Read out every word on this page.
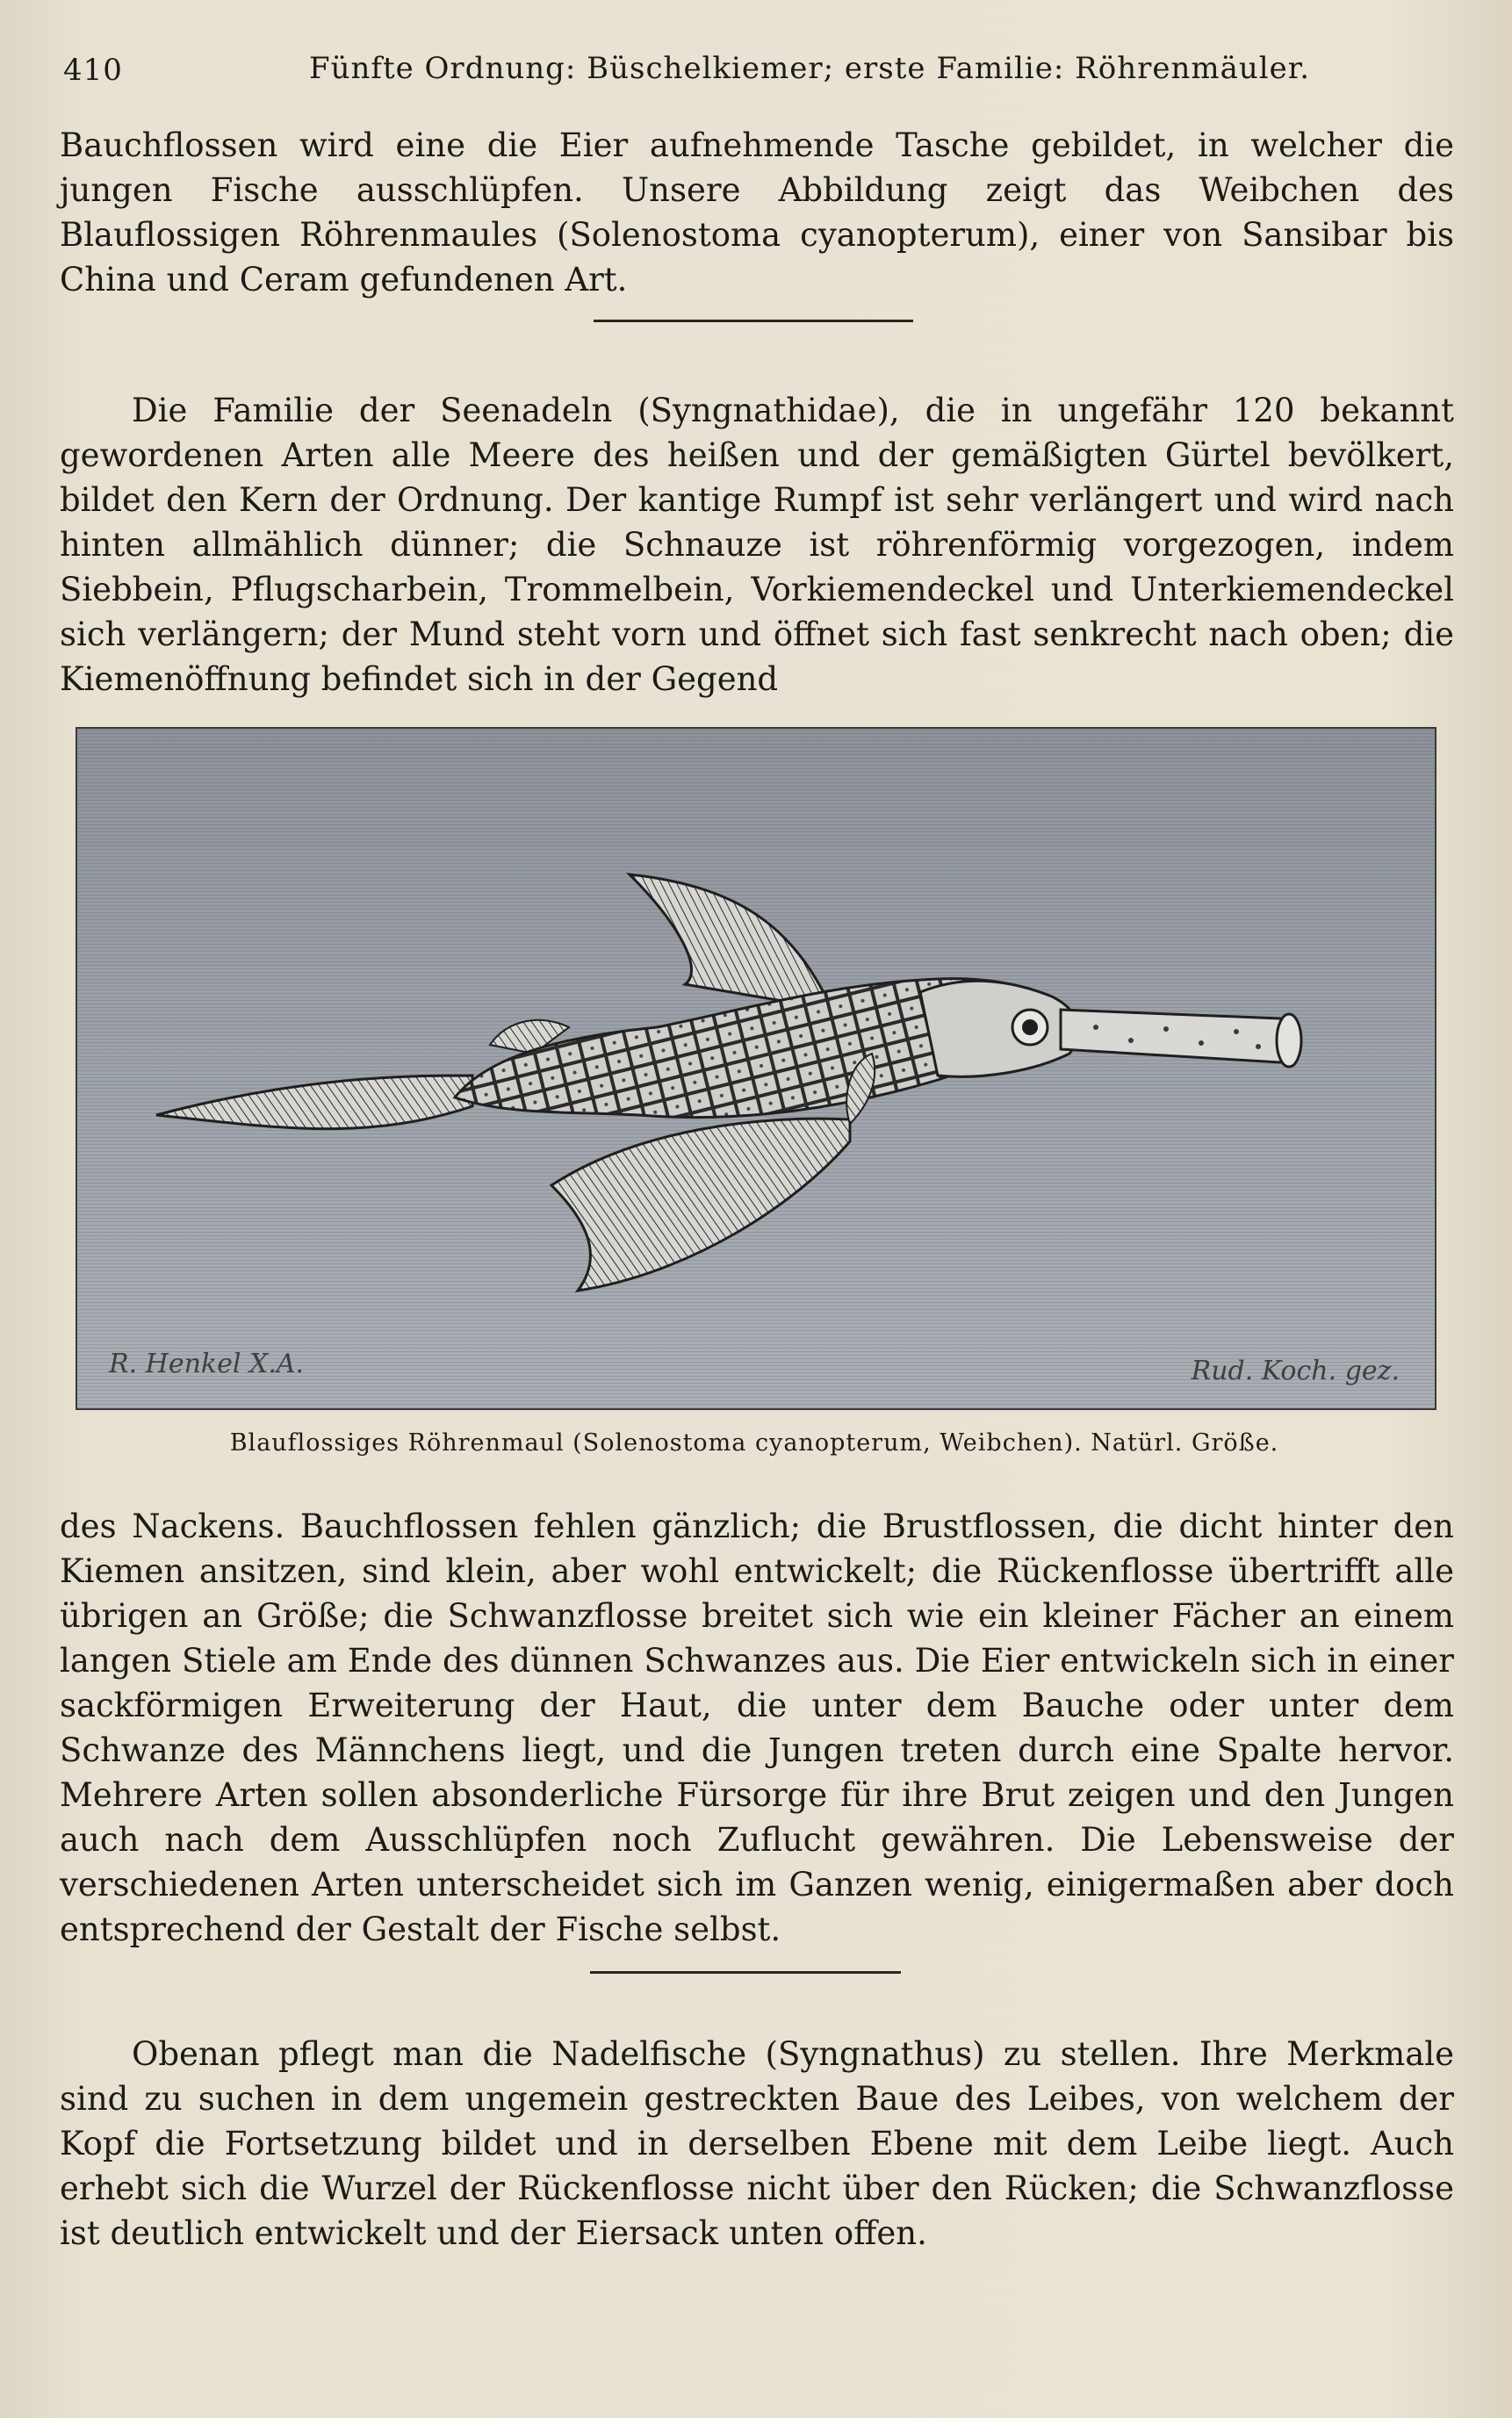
410	Fünfte Ordnung: Büschelkiemer; erste Familie: Röhrenmäuler.

Bauchflossen wird eine die Eier aufnehmende Tasche gebildet, in welcher die jungen Fische ausschlüpfen. Unsere Abbildung zeigt das Weibchen des Blauflossigen Röhrenmaules (Solenostoma cyanopterum), einer von Sansibar bis China und Ceram gefundenen Art.

Die Familie der Seenadeln (Syngnathidae), die in ungefähr 120 bekannt gewordenen Arten alle Meere des heißen und der gemäßigten Gürtel bevölkert, bildet den Kern der Ordnung. Der kantige Rumpf ist sehr verlängert und wird nach hinten allmählich dünner; die Schnauze ist röhrenförmig vorgezogen, indem Siebbein, Pflugscharbein, Trommelbein, Vorkiemendeckel und Unterkiemendeckel sich verlängern; der Mund steht vorn und öffnet sich fast senkrecht nach oben; die Kiemenöffnung befindet sich in der Gegend

R. Henkel X.A.	Rud. Koch. gez.
Blauflossiges Röhrenmaul (Solenostoma cyanopterum, Weibchen). Natürl. Größe.

des Nackens. Bauchflossen fehlen gänzlich; die Brustflossen, die dicht hinter den Kiemen ansitzen, sind klein, aber wohl entwickelt; die Rückenflosse übertrifft alle übrigen an Größe; die Schwanzflosse breitet sich wie ein kleiner Fächer an einem langen Stiele am Ende des dünnen Schwanzes aus. Die Eier entwickeln sich in einer sackförmigen Erweiterung der Haut, die unter dem Bauche oder unter dem Schwanze des Männchens liegt, und die Jungen treten durch eine Spalte hervor. Mehrere Arten sollen absonderliche Fürsorge für ihre Brut zeigen und den Jungen auch nach dem Ausschlüpfen noch Zuflucht gewähren. Die Lebensweise der verschiedenen Arten unterscheidet sich im Ganzen wenig, einigermaßen aber doch entsprechend der Gestalt der Fische selbst.

Obenan pflegt man die Nadelfische (Syngnathus) zu stellen. Ihre Merkmale sind zu suchen in dem ungemein gestreckten Baue des Leibes, von welchem der Kopf die Fortsetzung bildet und in derselben Ebene mit dem Leibe liegt. Auch erhebt sich die Wurzel der Rückenflosse nicht über den Rücken; die Schwanzflosse ist deutlich entwickelt und der Eiersack unten offen.
